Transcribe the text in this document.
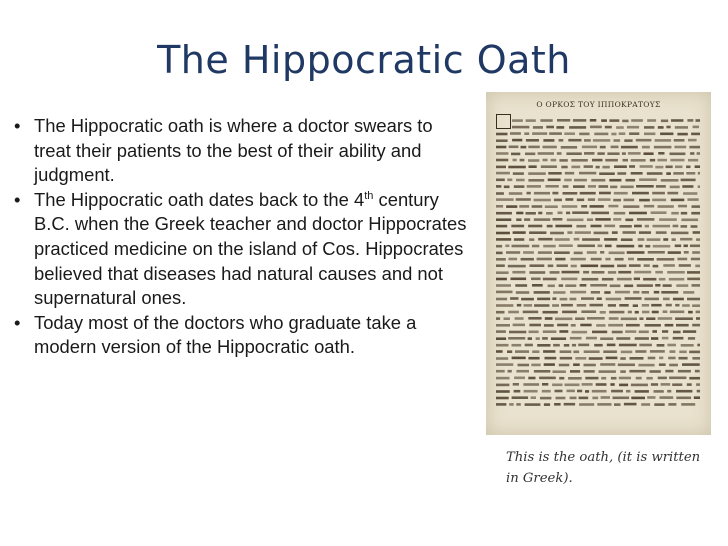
The Hippocratic Oath
• The Hippocratic oath is where a doctor swears to treat their patients to the best of their ability and judgment.
• The Hippocratic oath dates back to the 4th century B.C. when the Greek teacher and doctor Hippocrates practiced medicine on the island of Cos. Hippocrates believed that diseases had natural causes and not supernatural ones.
• Today most of the doctors who graduate take a modern version of the Hippocratic oath.
Ο ΟΡΚΟΣ ΤΟΥ ΙΠΠΟΚΡΑΤΟΥΣ
This is the oath, (it is written in Greek).
